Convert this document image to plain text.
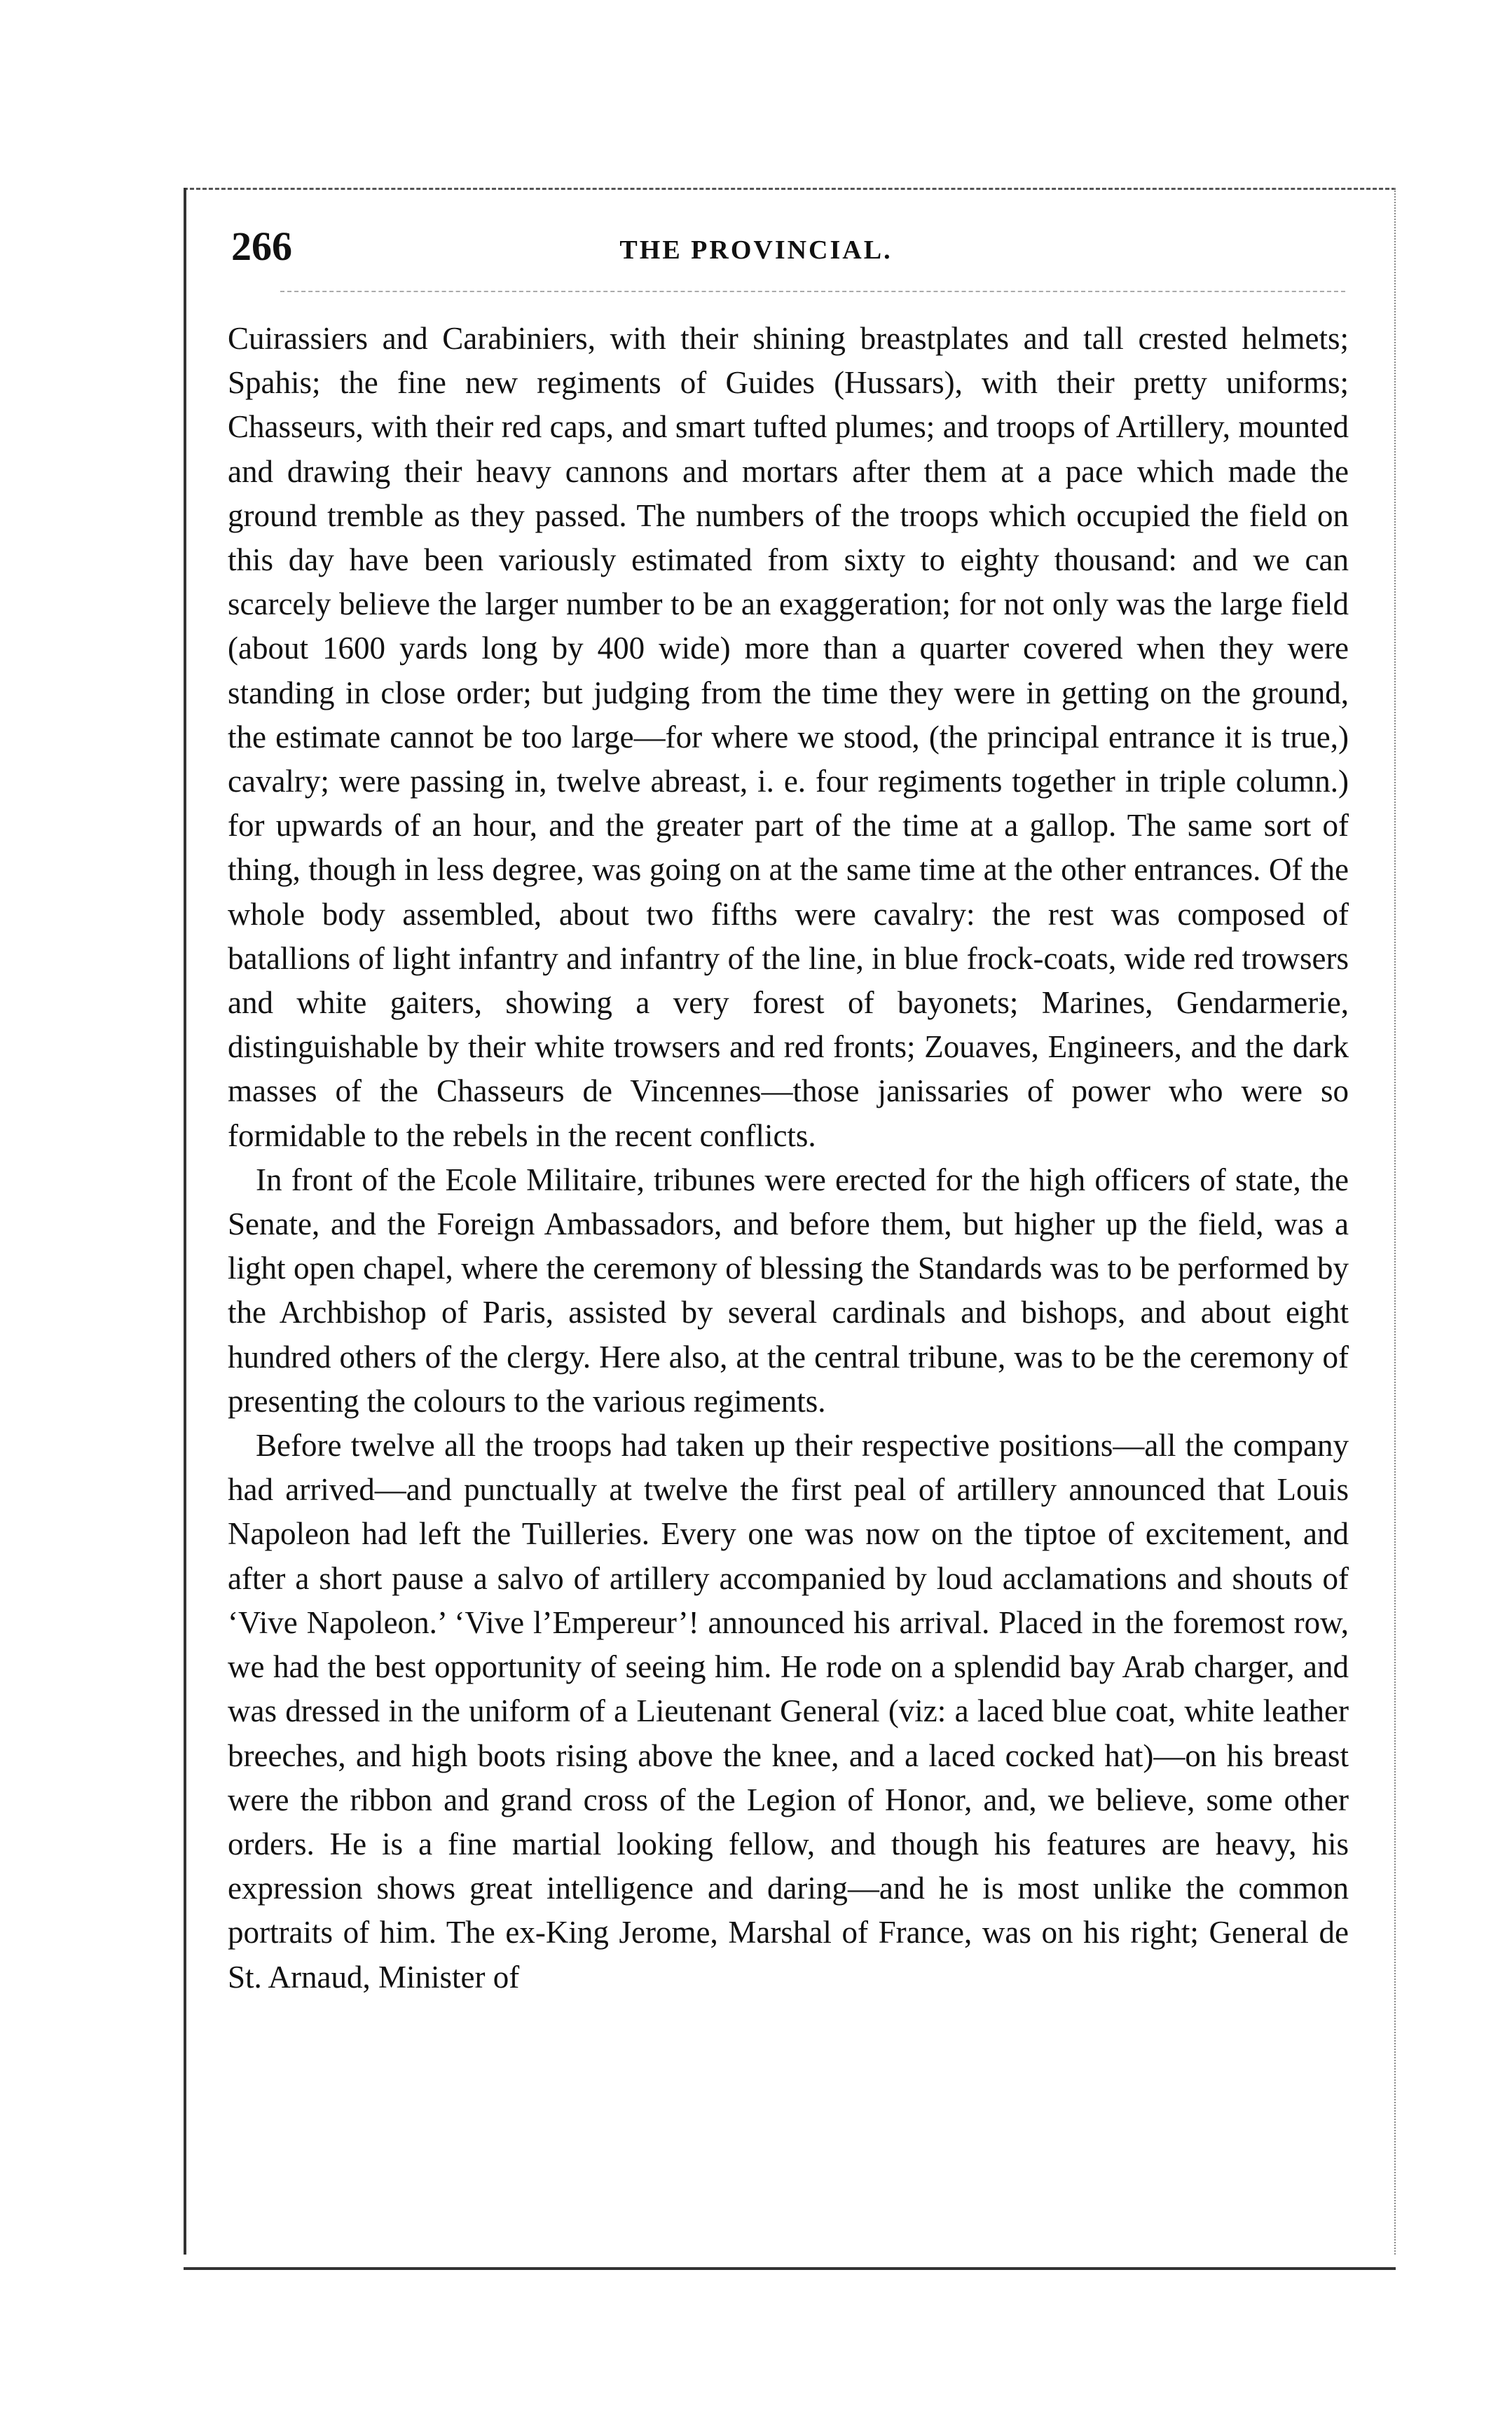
266	THE PROVINCIAL.

Cuirassiers and Carabiniers, with their shining breastplates and tall crested helmets; Spahis; the fine new regiments of Guides (Hussars), with their pretty uniforms; Chasseurs, with their red caps, and smart tufted plumes; and troops of Artillery, mounted and drawing their heavy cannons and mortars after them at a pace which made the ground tremble as they passed. The numbers of the troops which occupied the field on this day have been variously estimated from sixty to eighty thousand: and we can scarcely believe the larger number to be an exaggeration; for not only was the large field (about 1600 yards long by 400 wide) more than a quarter covered when they were standing in close order; but judging from the time they were in getting on the ground, the estimate cannot be too large—for where we stood, (the principal entrance it is true,) cavalry; were passing in, twelve abreast, i. e. four regiments together in triple column.) for upwards of an hour, and the greater part of the time at a gallop. The same sort of thing, though in less degree, was going on at the same time at the other entrances. Of the whole body assembled, about two fifths were cavalry: the rest was composed of batallions of light infantry and infantry of the line, in blue frock-coats, wide red trowsers and white gaiters, showing a very forest of bayonets; Marines, Gendarmerie, distinguishable by their white trowsers and red fronts; Zouaves, Engineers, and the dark masses of the Chasseurs de Vincennes—those janissaries of power who were so formidable to the rebels in the recent conflicts.

In front of the Ecole Militaire, tribunes were erected for the high officers of state, the Senate, and the Foreign Ambassadors, and before them, but higher up the field, was a light open chapel, where the ceremony of blessing the Standards was to be performed by the Archbishop of Paris, assisted by several cardinals and bishops, and about eight hundred others of the clergy. Here also, at the central tribune, was to be the ceremony of presenting the colours to the various regiments.

Before twelve all the troops had taken up their respective positions—all the company had arrived—and punctually at twelve the first peal of artillery announced that Louis Napoleon had left the Tuilleries. Every one was now on the tiptoe of excitement, and after a short pause a salvo of artillery accompanied by loud acclamations and shouts of ‘Vive Napoleon.’ ‘Vive l’Empereur’! announced his arrival. Placed in the foremost row, we had the best opportunity of seeing him. He rode on a splendid bay Arab charger, and was dressed in the uniform of a Lieutenant General (viz: a laced blue coat, white leather breeches, and high boots rising above the knee, and a laced cocked hat)—on his breast were the ribbon and grand cross of the Legion of Honor, and, we believe, some other orders. He is a fine martial looking fellow, and though his features are heavy, his expression shows great intelligence and daring—and he is most unlike the common portraits of him. The ex-King Jerome, Marshal of France, was on his right; General de St. Arnaud, Minister of
